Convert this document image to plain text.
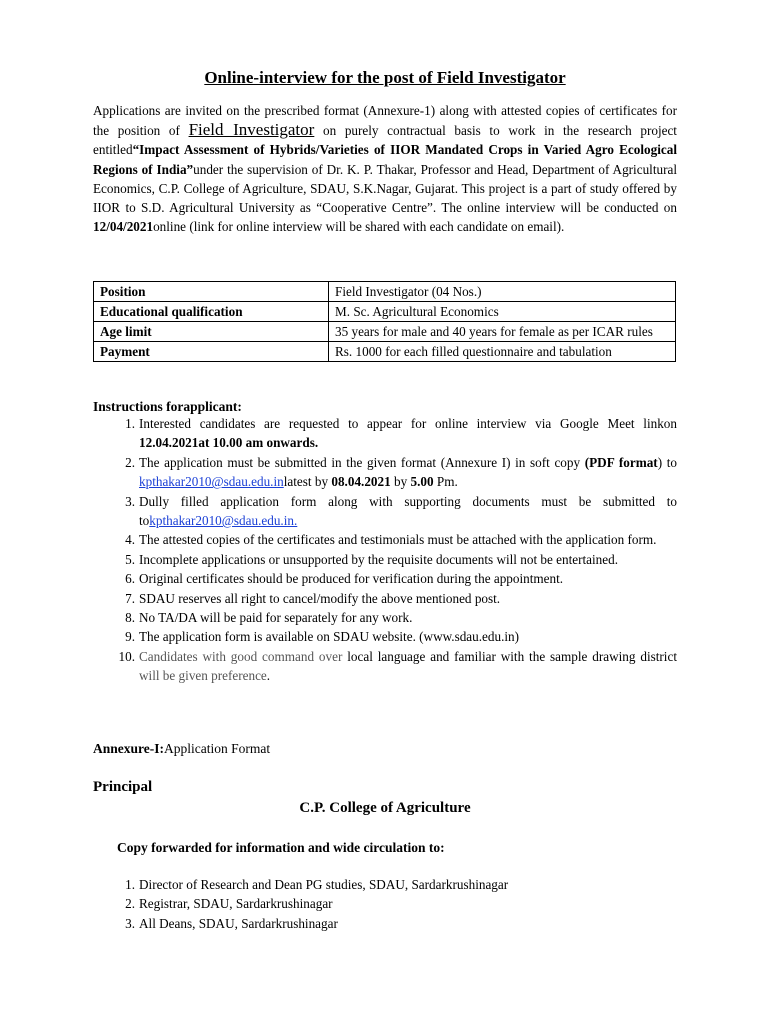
Online-interview for the post of Field Investigator

Applications are invited on the prescribed format (Annexure-1) along with attested copies of certificates for the position of Field Investigator on purely contractual basis to work in the research project entitled“Impact Assessment of Hybrids/Varieties of IIOR Mandated Crops in Varied Agro Ecological Regions of India”under the supervision of Dr. K. P. Thakar, Professor and Head, Department of Agricultural Economics, C.P. College of Agriculture, SDAU, S.K.Nagar, Gujarat. This project is a part of study offered by IIOR to S.D. Agricultural University as “Cooperative Centre”. The online interview will be conducted on 12/04/2021online (link for online interview will be shared with each candidate on email).

Position	Field Investigator (04 Nos.)
Educational qualification	M. Sc. Agricultural Economics
Age limit	35 years for male and 40 years for female as per ICAR rules
Payment	Rs. 1000 for each filled questionnaire and tabulation
Instructions forapplicant:
1. Interested candidates are requested to appear for online interview via Google Meet linkon 12.04.2021at 10.00 am onwards.
2. The application must be submitted in the given format (Annexure I) in soft copy (PDF format) to kpthakar2010@sdau.edu.inlatest by 08.04.2021 by 5.00 Pm.
3. Dully filled application form along with supporting documents must be submitted to tokpthakar2010@sdau.edu.in.
4. The attested copies of the certificates and testimonials must be attached with the application form.
5. Incomplete applications or unsupported by the requisite documents will not be entertained.
6. Original certificates should be produced for verification during the appointment.
7. SDAU reserves all right to cancel/modify the above mentioned post.
8. No TA/DA will be paid for separately for any work.
9. The application form is available on SDAU website. (www.sdau.edu.in)
10. Candidates with good command over local language and familiar with the sample drawing district will be given preference.
Annexure-I:Application Format
Principal
C.P. College of Agriculture
Copy forwarded for information and wide circulation to:
1. Director of Research and Dean PG studies, SDAU, Sardarkrushinagar
2. Registrar, SDAU, Sardarkrushinagar
3. All Deans, SDAU, Sardarkrushinagar
